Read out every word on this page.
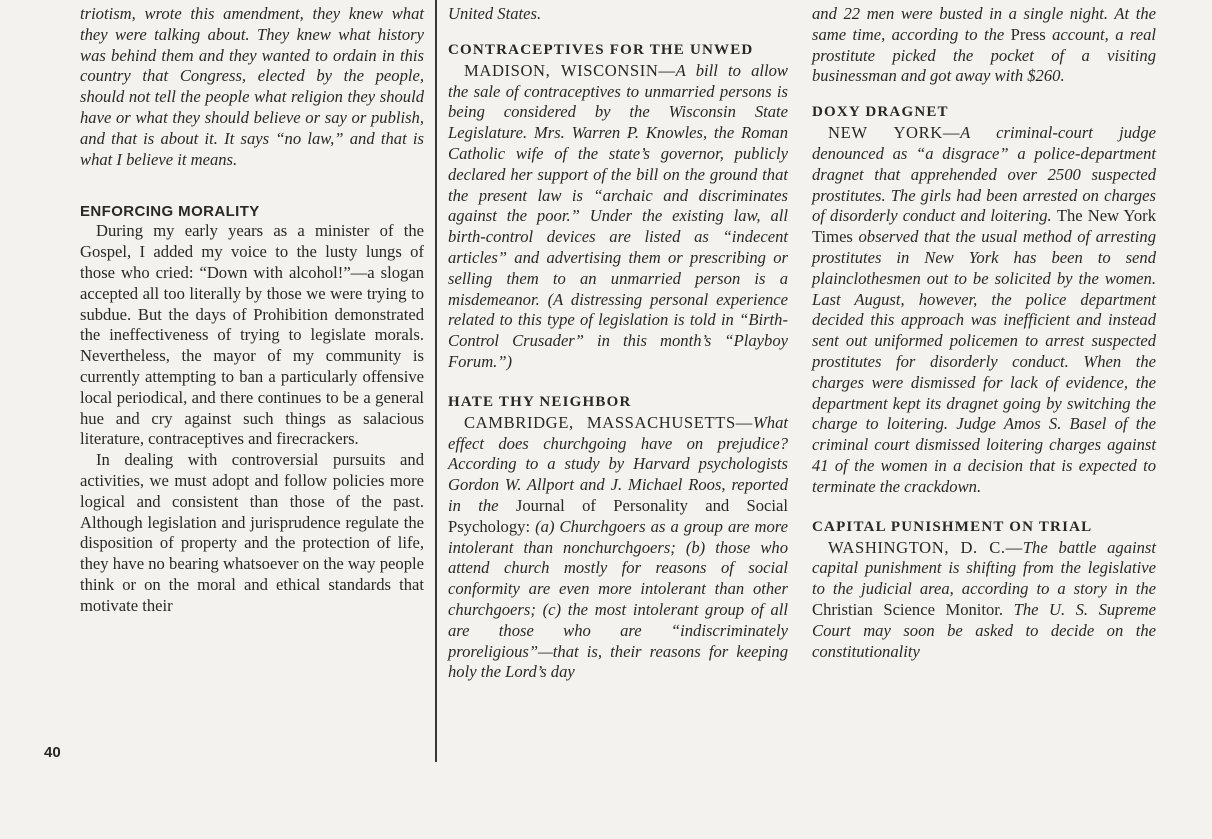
40

triotism, wrote this amendment, they knew what they were talking about. They knew what history was behind them and they wanted to ordain in this country that Congress, elected by the people, should not tell the people what religion they should have or what they should believe or say or publish, and that is about it. It says “no law,” and that is what I believe it means.

ENFORCING MORALITY

During my early years as a minister of the Gospel, I added my voice to the lusty lungs of those who cried: “Down with alcohol!”—a slogan accepted all too literally by those we were trying to subdue. But the days of Prohibition demonstrated the ineffectiveness of trying to legislate morals. Nevertheless, the mayor of my community is currently attempting to ban a particularly offensive local periodical, and there continues to be a general hue and cry against such things as salacious literature, contraceptives and firecrackers.

In dealing with controversial pursuits and activities, we must adopt and follow policies more logical and consistent than those of the past. Although legislation and jurisprudence regulate the disposition of property and the protection of life, they have no bearing whatsoever on the way people think or on the moral and ethical standards that motivate their

United States.

CONTRACEPTIVES FOR THE UNWED

MADISON, WISCONSIN—A bill to allow the sale of contraceptives to unmarried persons is being considered by the Wisconsin State Legislature. Mrs. Warren P. Knowles, the Roman Catholic wife of the state’s governor, publicly declared her support of the bill on the ground that the present law is “archaic and discriminates against the poor.” Under the existing law, all birth-control devices are listed as “indecent articles” and advertising them or prescribing or selling them to an unmarried person is a misdemeanor. (A distressing personal experience related to this type of legislation is told in “Birth-Control Crusader” in this month’s “Playboy Forum.”)

HATE THY NEIGHBOR

CAMBRIDGE, MASSACHUSETTS—What effect does churchgoing have on prejudice? According to a study by Harvard psychologists Gordon W. Allport and J. Michael Roos, reported in the Journal of Personality and Social Psychology: (a) Churchgoers as a group are more intolerant than nonchurchgoers; (b) those who attend church mostly for reasons of social conformity are even more intolerant than other churchgoers; (c) the most intolerant group of all are those who are “indiscriminately proreligious”—that is, their reasons for keeping holy the Lord’s day

and 22 men were busted in a single night. At the same time, according to the Press account, a real prostitute picked the pocket of a visiting businessman and got away with $260.

DOXY DRAGNET

NEW YORK—A criminal-court judge denounced as “a disgrace” a police-department dragnet that apprehended over 2500 suspected prostitutes. The girls had been arrested on charges of disorderly conduct and loitering. The New York Times observed that the usual method of arresting prostitutes in New York has been to send plainclothesmen out to be solicited by the women. Last August, however, the police department decided this approach was inefficient and instead sent out uniformed policemen to arrest suspected prostitutes for disorderly conduct. When the charges were dismissed for lack of evidence, the department kept its dragnet going by switching the charge to loitering. Judge Amos S. Basel of the criminal court dismissed loitering charges against 41 of the women in a decision that is expected to terminate the crackdown.

CAPITAL PUNISHMENT ON TRIAL

WASHINGTON, D. C.—The battle against capital punishment is shifting from the legislative to the judicial area, according to a story in the Christian Science Monitor. The U. S. Supreme Court may soon be asked to decide on the constitutionality
